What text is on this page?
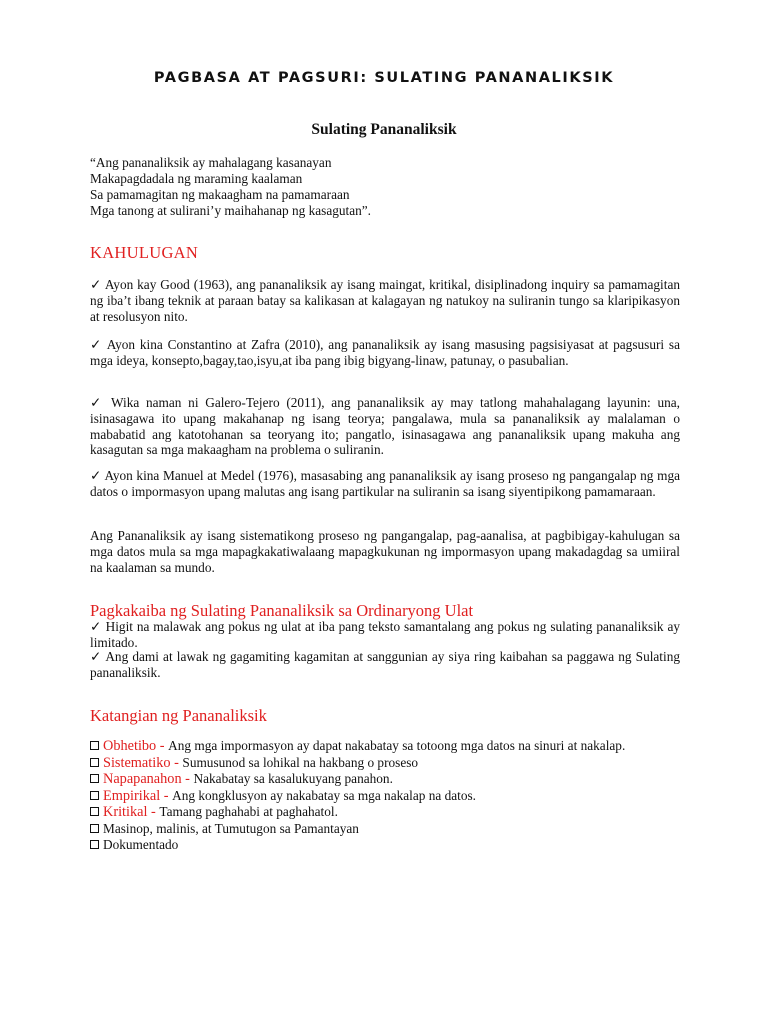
PAGBASA AT PAGSURI: SULATING PANANALIKSIK
Sulating Pananaliksik
“Ang pananaliksik ay mahalagang kasanayan
Makapagdadala ng maraming kaalaman
Sa pamamagitan ng makaagham na pamamaraan
Mga tanong at sulirani’y maihahanap ng kasagutan”.
KAHULUGAN
✓ Ayon kay Good (1963), ang pananaliksik ay isang maingat, kritikal, disiplinadong inquiry sa pamamagitan ng iba’t ibang teknik at paraan batay sa kalikasan at kalagayan ng natukoy na suliranin tungo sa klaripikasyon at resolusyon nito.
✓ Ayon kina Constantino at Zafra (2010), ang pananaliksik ay isang masusing pagsisiyasat at pagsusuri sa mga ideya, konsepto,bagay,tao,isyu,at iba pang ibig bigyang-linaw, patunay, o pasubalian.
✓ Wika naman ni Galero-Tejero (2011), ang pananaliksik ay may tatlong mahahalagang layunin: una, isinasagawa ito upang makahanap ng isang teorya; pangalawa, mula sa pananaliksik ay malalaman o mababatid ang katotohanan sa teoryang ito; pangatlo, isinasagawa ang pananaliksik upang makuha ang kasagutan sa mga makaagham na problema o suliranin.
✓ Ayon kina Manuel at Medel (1976), masasabing ang pananaliksik ay isang proseso ng pangangalap ng mga datos o impormasyon upang malutas ang isang partikular na suliranin sa isang siyentipikong pamamaraan.
Ang Pananaliksik ay isang sistematikong proseso ng pangangalap, pag-aanalisa, at pagbibigay-kahulugan sa mga datos mula sa mga mapagkakatiwalaang mapagkukunan ng impormasyon upang makadagdag sa umiiral na kaalaman sa mundo.
Pagkakaiba ng Sulating Pananaliksik sa Ordinaryong Ulat
✓ Higit na malawak ang pokus ng ulat at iba pang teksto samantalang ang pokus ng sulating pananaliksik ay limitado.
✓ Ang dami at lawak ng gagamiting kagamitan at sanggunian ay siya ring kaibahan sa paggawa ng Sulating pananaliksik.
Katangian ng Pananaliksik
Obhetibo - Ang mga impormasyon ay dapat nakabatay sa totoong mga datos na sinuri at nakalap.
Sistematiko - Sumusunod sa lohikal na hakbang o proseso
Napapanahon - Nakabatay sa kasalukuyang panahon.
Empirikal - Ang kongklusyon ay nakabatay sa mga nakalap na datos.
Kritikal - Tamang paghahabi at paghahatol.
Masinop, malinis, at Tumutugon sa Pamantayan
Dokumentado
